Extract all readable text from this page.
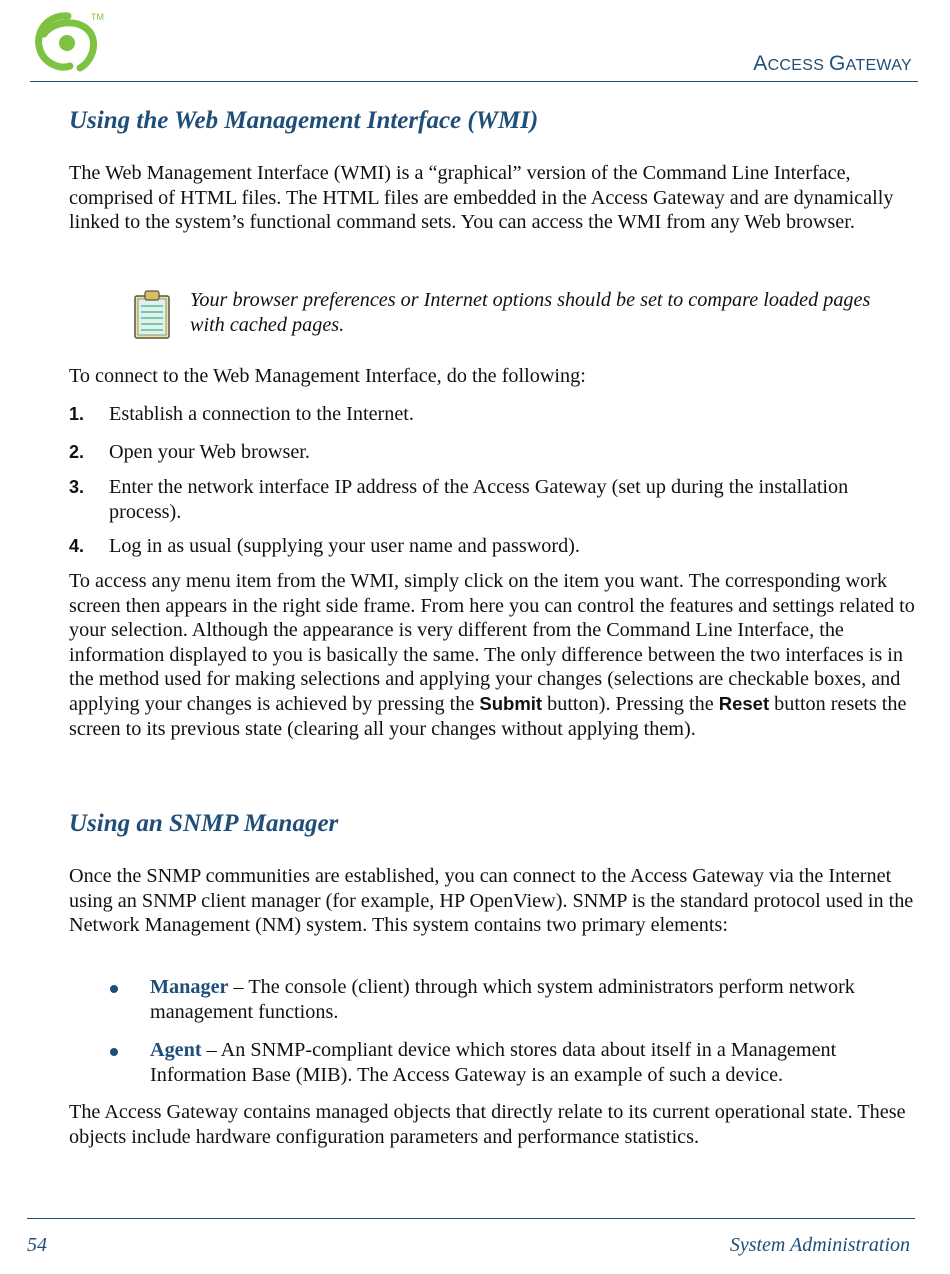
TM
ACCESS GATEWAY
Using the Web Management Interface (WMI)

The Web Management Interface (WMI) is a “graphical” version of the Command Line Interface, comprised of HTML files. The HTML files are embedded in the Access Gateway and are dynamically linked to the system’s functional command sets. You can access the WMI from any Web browser.

Your browser preferences or Internet options should be set to compare loaded pages with cached pages.

To connect to the Web Management Interface, do the following:

1. Establish a connection to the Internet.
2. Open your Web browser.
3. Enter the network interface IP address of the Access Gateway (set up during the installation process).
4. Log in as usual (supplying your user name and password).

To access any menu item from the WMI, simply click on the item you want. The corresponding work screen then appears in the right side frame. From here you can control the features and settings related to your selection. Although the appearance is very different from the Command Line Interface, the information displayed to you is basically the same. The only difference between the two interfaces is in the method used for making selections and applying your changes (selections are checkable boxes, and applying your changes is achieved by pressing the Submit button). Pressing the Reset button resets the screen to its previous state (clearing all your changes without applying them).

Using an SNMP Manager

Once the SNMP communities are established, you can connect to the Access Gateway via the Internet using an SNMP client manager (for example, HP OpenView). SNMP is the standard protocol used in the Network Management (NM) system. This system contains two primary elements:

Manager – The console (client) through which system administrators perform network management functions.
Agent – An SNMP-compliant device which stores data about itself in a Management Information Base (MIB). The Access Gateway is an example of such a device.

The Access Gateway contains managed objects that directly relate to its current operational state. These objects include hardware configuration parameters and performance statistics.

54	System Administration
